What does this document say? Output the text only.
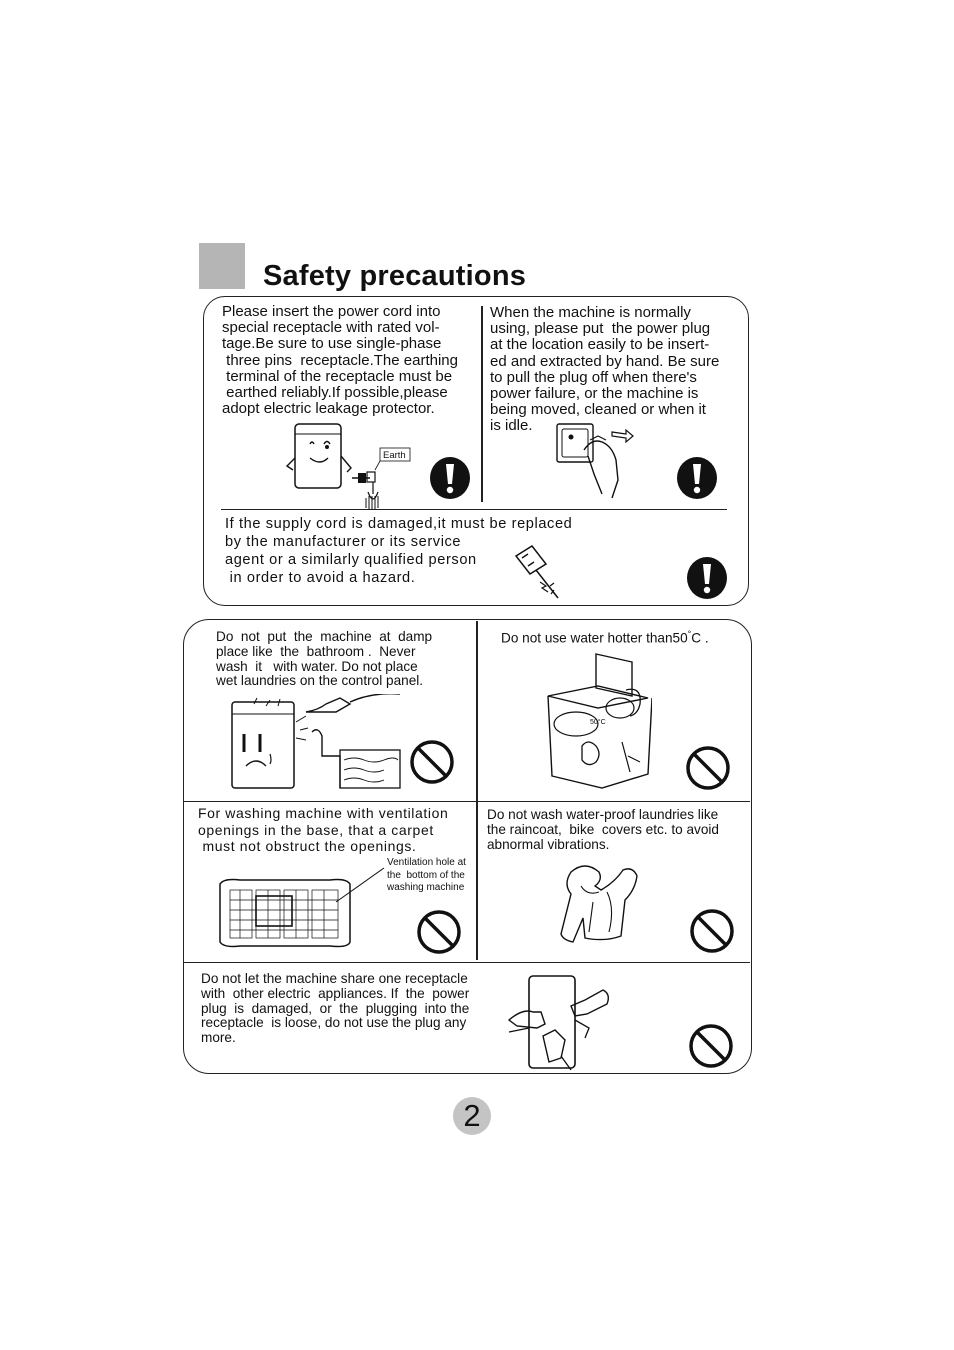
Safety precautions
Please insert the power cord into
special receptacle with rated vol-
tage.Be sure to use single-phase
three pins  receptacle.The earthing
terminal of the receptacle must be
earthed reliably.If possible,please
adopt electric leakage protector.
When the machine is normally
using, please put  the power plug
at the location easily to be insert-
ed and extracted by hand. Be sure
to pull the plug off when there's
power failure, or the machine is
being moved, cleaned or when it
is idle.
If the supply cord is damaged,it must be replaced
by the manufacturer or its service
agent or a similarly qualified person
in order to avoid a hazard.
Earth
Do  not  put  the  machine  at  damp
place like  the  bathroom .  Never
wash  it   with water. Do not place
wet laundries on the control panel.
Do not use water hotter than50°C .
For washing machine with ventilation
openings in the base, that a carpet
must not obstruct the openings.
Ventilation hole at
the  bottom of the
washing machine
Do not wash water-proof laundries like
the raincoat,  bike  covers etc. to avoid
abnormal vibrations.
Do not let the machine share one receptacle
with  other electric  appliances. If  the  power
plug  is  damaged,  or  the  plugging  into the
receptacle  is loose, do not use the plug any
more.
50°C
2
